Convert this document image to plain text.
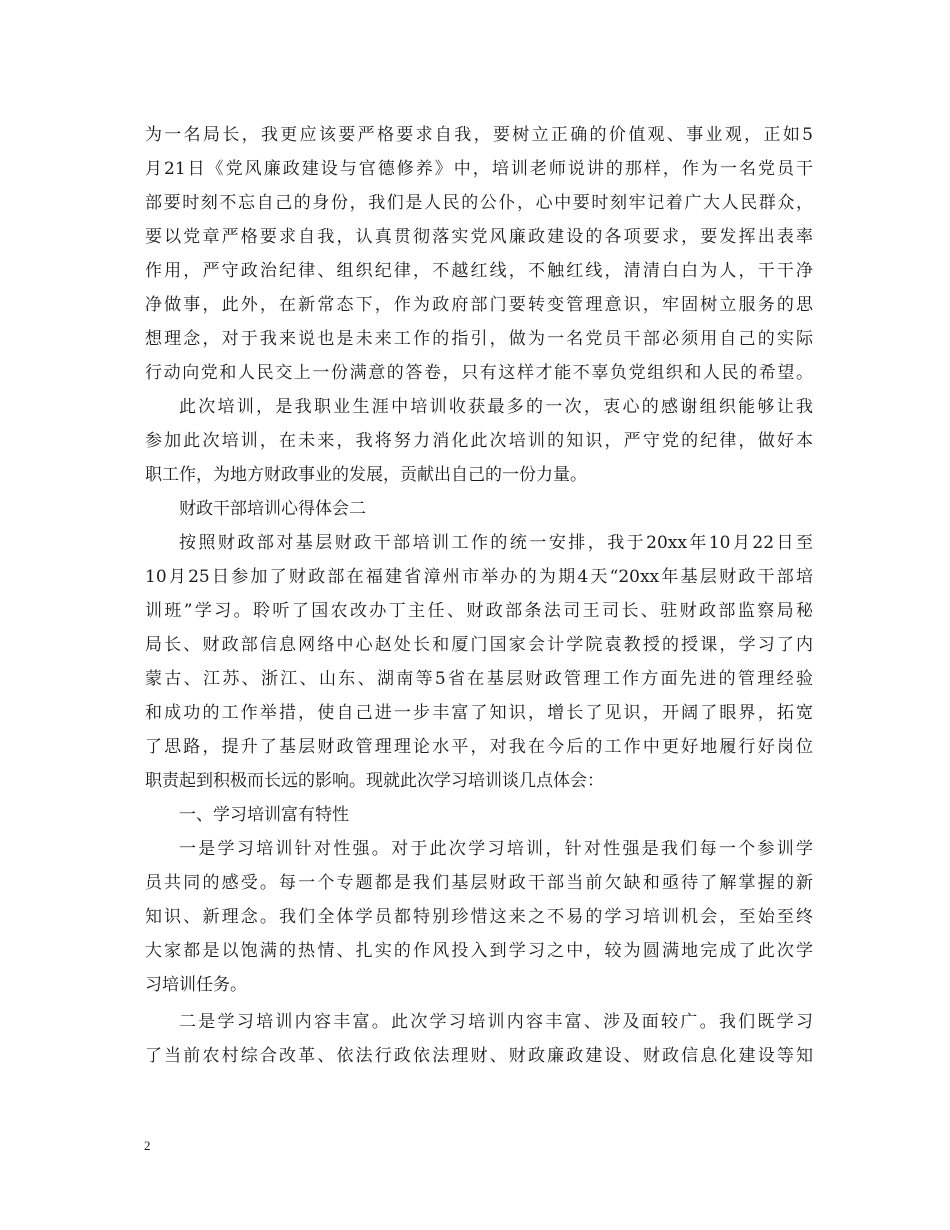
为一名局长，我更应该要严格要求自我，要树立正确的价值观、事业观，正如5
月21日《党风廉政建设与官德修养》中，培训老师说讲的那样，作为一名党员干
部要时刻不忘自己的身份，我们是人民的公仆，心中要时刻牢记着广大人民群众，
要以党章严格要求自我，认真贯彻落实党风廉政建设的各项要求，要发挥出表率
作用，严守政治纪律、组织纪律，不越红线，不触红线，清清白白为人，干干净
净做事，此外，在新常态下，作为政府部门要转变管理意识，牢固树立服务的思
想理念，对于我来说也是未来工作的指引，做为一名党员干部必须用自己的实际
行动向党和人民交上一份满意的答卷，只有这样才能不辜负党组织和人民的希望。
此次培训，是我职业生涯中培训收获最多的一次，衷心的感谢组织能够让我
参加此次培训，在未来，我将努力消化此次培训的知识，严守党的纪律，做好本
职工作，为地方财政事业的发展，贡献出自己的一份力量。
财政干部培训心得体会二
按照财政部对基层财政干部培训工作的统一安排，我于20xx年10月22日至
10月25日参加了财政部在福建省漳州市举办的为期4天“20xx年基层财政干部培
训班”学习。聆听了国农改办丁主任、财政部条法司王司长、驻财政部监察局秘
局长、财政部信息网络中心赵处长和厦门国家会计学院袁教授的授课，学习了内
蒙古、江苏、浙江、山东、湖南等5省在基层财政管理工作方面先进的管理经验
和成功的工作举措，使自己进一步丰富了知识，增长了见识，开阔了眼界，拓宽
了思路，提升了基层财政管理理论水平，对我在今后的工作中更好地履行好岗位
职责起到积极而长远的影响。现就此次学习培训谈几点体会：
一、学习培训富有特性
一是学习培训针对性强。对于此次学习培训，针对性强是我们每一个参训学
员共同的感受。每一个专题都是我们基层财政干部当前欠缺和亟待了解掌握的新
知识、新理念。我们全体学员都特别珍惜这来之不易的学习培训机会，至始至终
大家都是以饱满的热情、扎实的作风投入到学习之中，较为圆满地完成了此次学
习培训任务。
二是学习培训内容丰富。此次学习培训内容丰富、涉及面较广。我们既学习
了当前农村综合改革、依法行政依法理财、财政廉政建设、财政信息化建设等知
2
